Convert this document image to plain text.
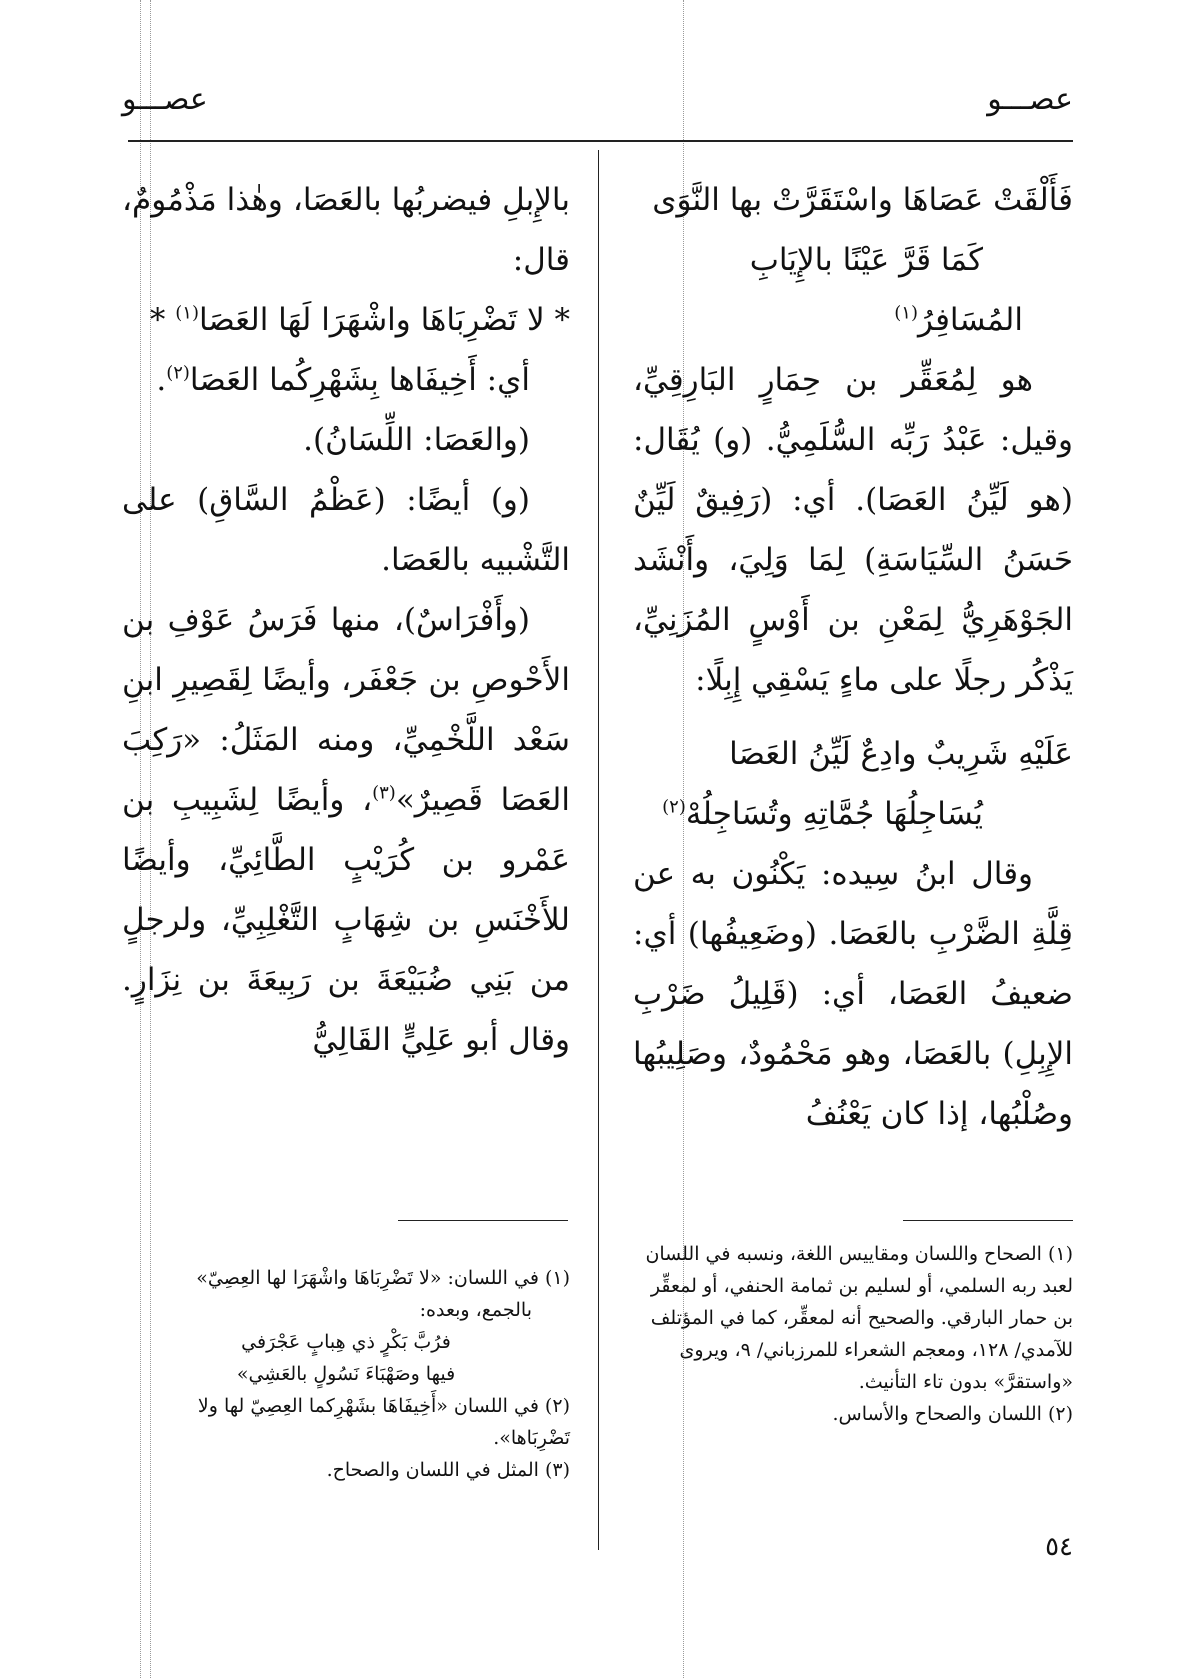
عصـــو
عصـــو

فَأَلْقَتْ عَصَاهَا واسْتَقَرَّتْ بها النَّوَى

كَمَا قَرَّ عَيْنًا بالإِيَابِ المُسَافِرُ$^{(١)}$

هو لِمُعَقِّر بن حِمَارٍ البَارِقِيِّ، وقيل: عَبْدُ رَبِّه السُّلَمِيُّ. (و) يُقَال: (هو لَيِّنُ العَصَا). أي: (رَفِيقٌ لَيِّنٌ حَسَنُ السِّيَاسَةِ) لِمَا وَلِيَ، وأَنْشَد الجَوْهَرِيُّ لِمَعْنِ بن أَوْسٍ المُزَنِيِّ، يَذْكُر رجلًا على ماءٍ يَسْقِي إِبِلًا:

عَلَيْهِ شَرِيبٌ وادِعٌ لَيِّنُ العَصَا

يُسَاجِلُهَا جُمَّاتِهِ وتُسَاجِلُهْ$^{(٢)}$

وقال ابنُ سِيده: يَكْنُون به عن قِلَّةِ الضَّرْبِ بالعَصَا. (وضَعِيفُها) أي: ضعيفُ العَصَا، أي: (قَلِيلُ ضَرْبِ الإِبِلِ) بالعَصَا، وهو مَحْمُودٌ، وصَلِيبُها وصُلْبُها، إذا كان يَعْنُفُ

بالإِبلِ فيضربُها بالعَصَا، وهٰذا مَذْمُومٌ، قال:

* لا تَضْرِبَاهَا واشْهَرَا لَهَا العَصَا$^{(١)}$ *

أي: أَخِيفَاها بِشَهْرِكُما العَصَا$^{(٢)}$.

(والعَصَا: اللِّسَانُ).

(و) أيضًا: (عَظْمُ السَّاقِ) على التَّشْبيه بالعَصَا.

(وأَفْرَاسٌ)، منها فَرَسُ عَوْفِ بن الأَحْوصِ بن جَعْفَر، وأيضًا لِقَصِيرِ ابنِ سَعْد اللَّخْمِيِّ، ومنه المَثَلُ: «رَكِبَ العَصَا قَصِيرٌ»$^{(٣)}$، وأيضًا لِشَبِيبِ بن عَمْرو بن كُرَيْبٍ الطَّائِيِّ، وأيضًا للأَخْنَسِ بن شِهَابٍ التَّغْلِبِيِّ، ولرجلٍ من بَنِي ضُبَيْعَةَ بن رَبِيعَةَ بن نِزَارٍ. وقال أبو عَلِيٍّ القَالِيُّ

(١) الصحاح واللسان ومقاييس اللغة، ونسبه في اللسان لعبد ربه السلمي، أو لسليم بن ثمامة الحنفي، أو لمعقِّر بن حمار البارقي. والصحيح أنه لمعقِّر، كما في المؤتلف للآمدي/ ١٢٨، ومعجم الشعراء للمرزباني/ ٩، ويروى «واستقرَّ» بدون تاء التأنيث.

(٢) اللسان والصحاح والأساس.

(١) في اللسان: «لا تَضْرِبَاهَا واشْهَرَا لها العِصِيّ»

بالجمع، وبعده:

فرُبَّ بَكْرٍ ذي هِبابٍ عَجْرَفي

فيها وصَهْبَاءَ نَسُولٍ بالعَشِي»

(٢) في اللسان «أَخِيفَاهَا بشَهْرِكما العِصِيّ لها ولا تَضْرِبَاها».

(٣) المثل في اللسان والصحاح.

٥٤
